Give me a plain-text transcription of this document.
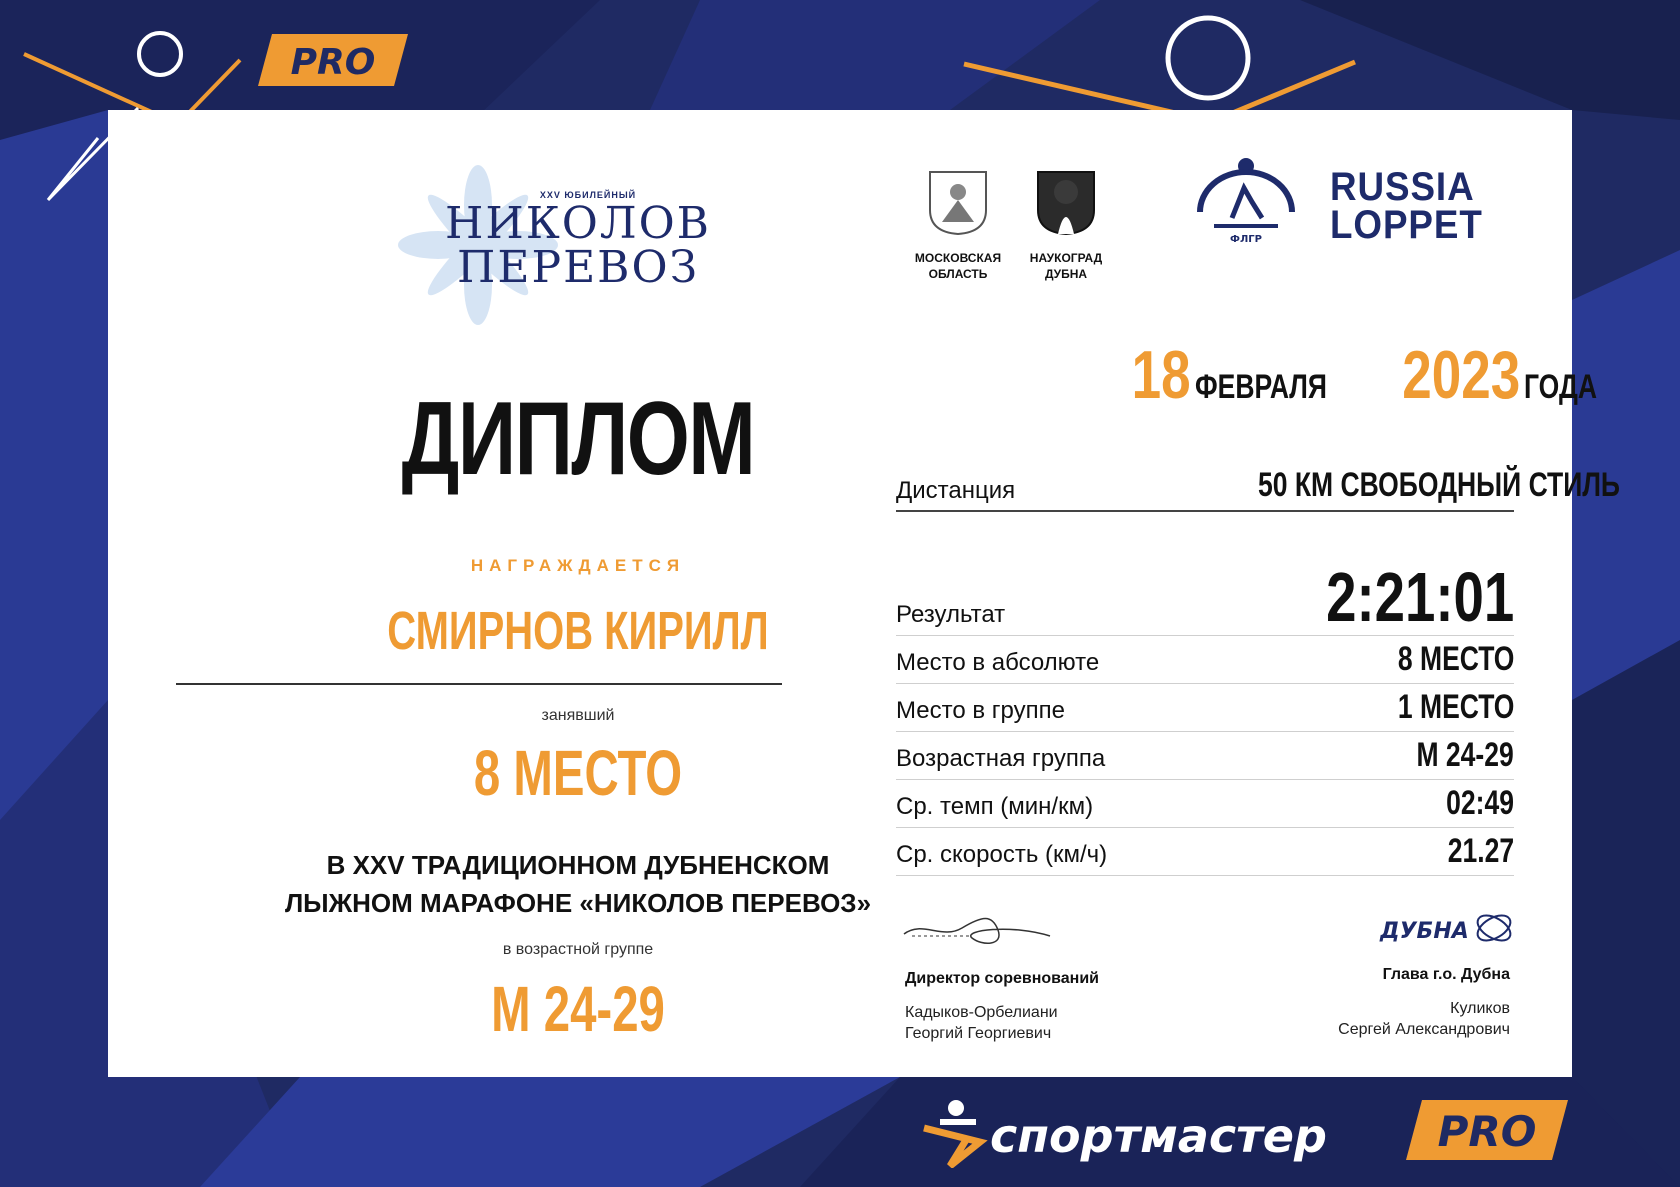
PRO
XXV ЮБИЛЕЙНЫЙ
НИКОЛОВ
ПЕРЕВОЗ
ДИПЛОМ
НАГРАЖДАЕТСЯ
СМИРНОВ КИРИЛЛ
занявший
8 МЕСТО
В XXV ТРАДИЦИОННОМ ДУБНЕНСКОМ
ЛЫЖНОМ МАРАФОНЕ «НИКОЛОВ ПЕРЕВОЗ»
в возрастной группе
М 24-29
МОСКОВСКАЯ
ОБЛАСТЬ
НАУКОГРАД
ДУБНА
ФЛГР
RUSSIA
LOPPET
18 ФЕВРАЛЯ 2023 ГОДА
Дистанция	50 КМ СВОБОДНЫЙ СТИЛЬ
Результат	2:21:01
Место в абсолюте	8 МЕСТО
Место в группе	1 МЕСТО
Возрастная группа	М 24-29
Ср. темп (мин/км)	02:49
Ср. скорость (км/ч)	21.27
Директор соревнований
Кадыков-Орбелиани
Георгий Георгиевич
ДУБНА
Глава г.о. Дубна
Куликов
Сергей Александрович
спортмастер	PRO
